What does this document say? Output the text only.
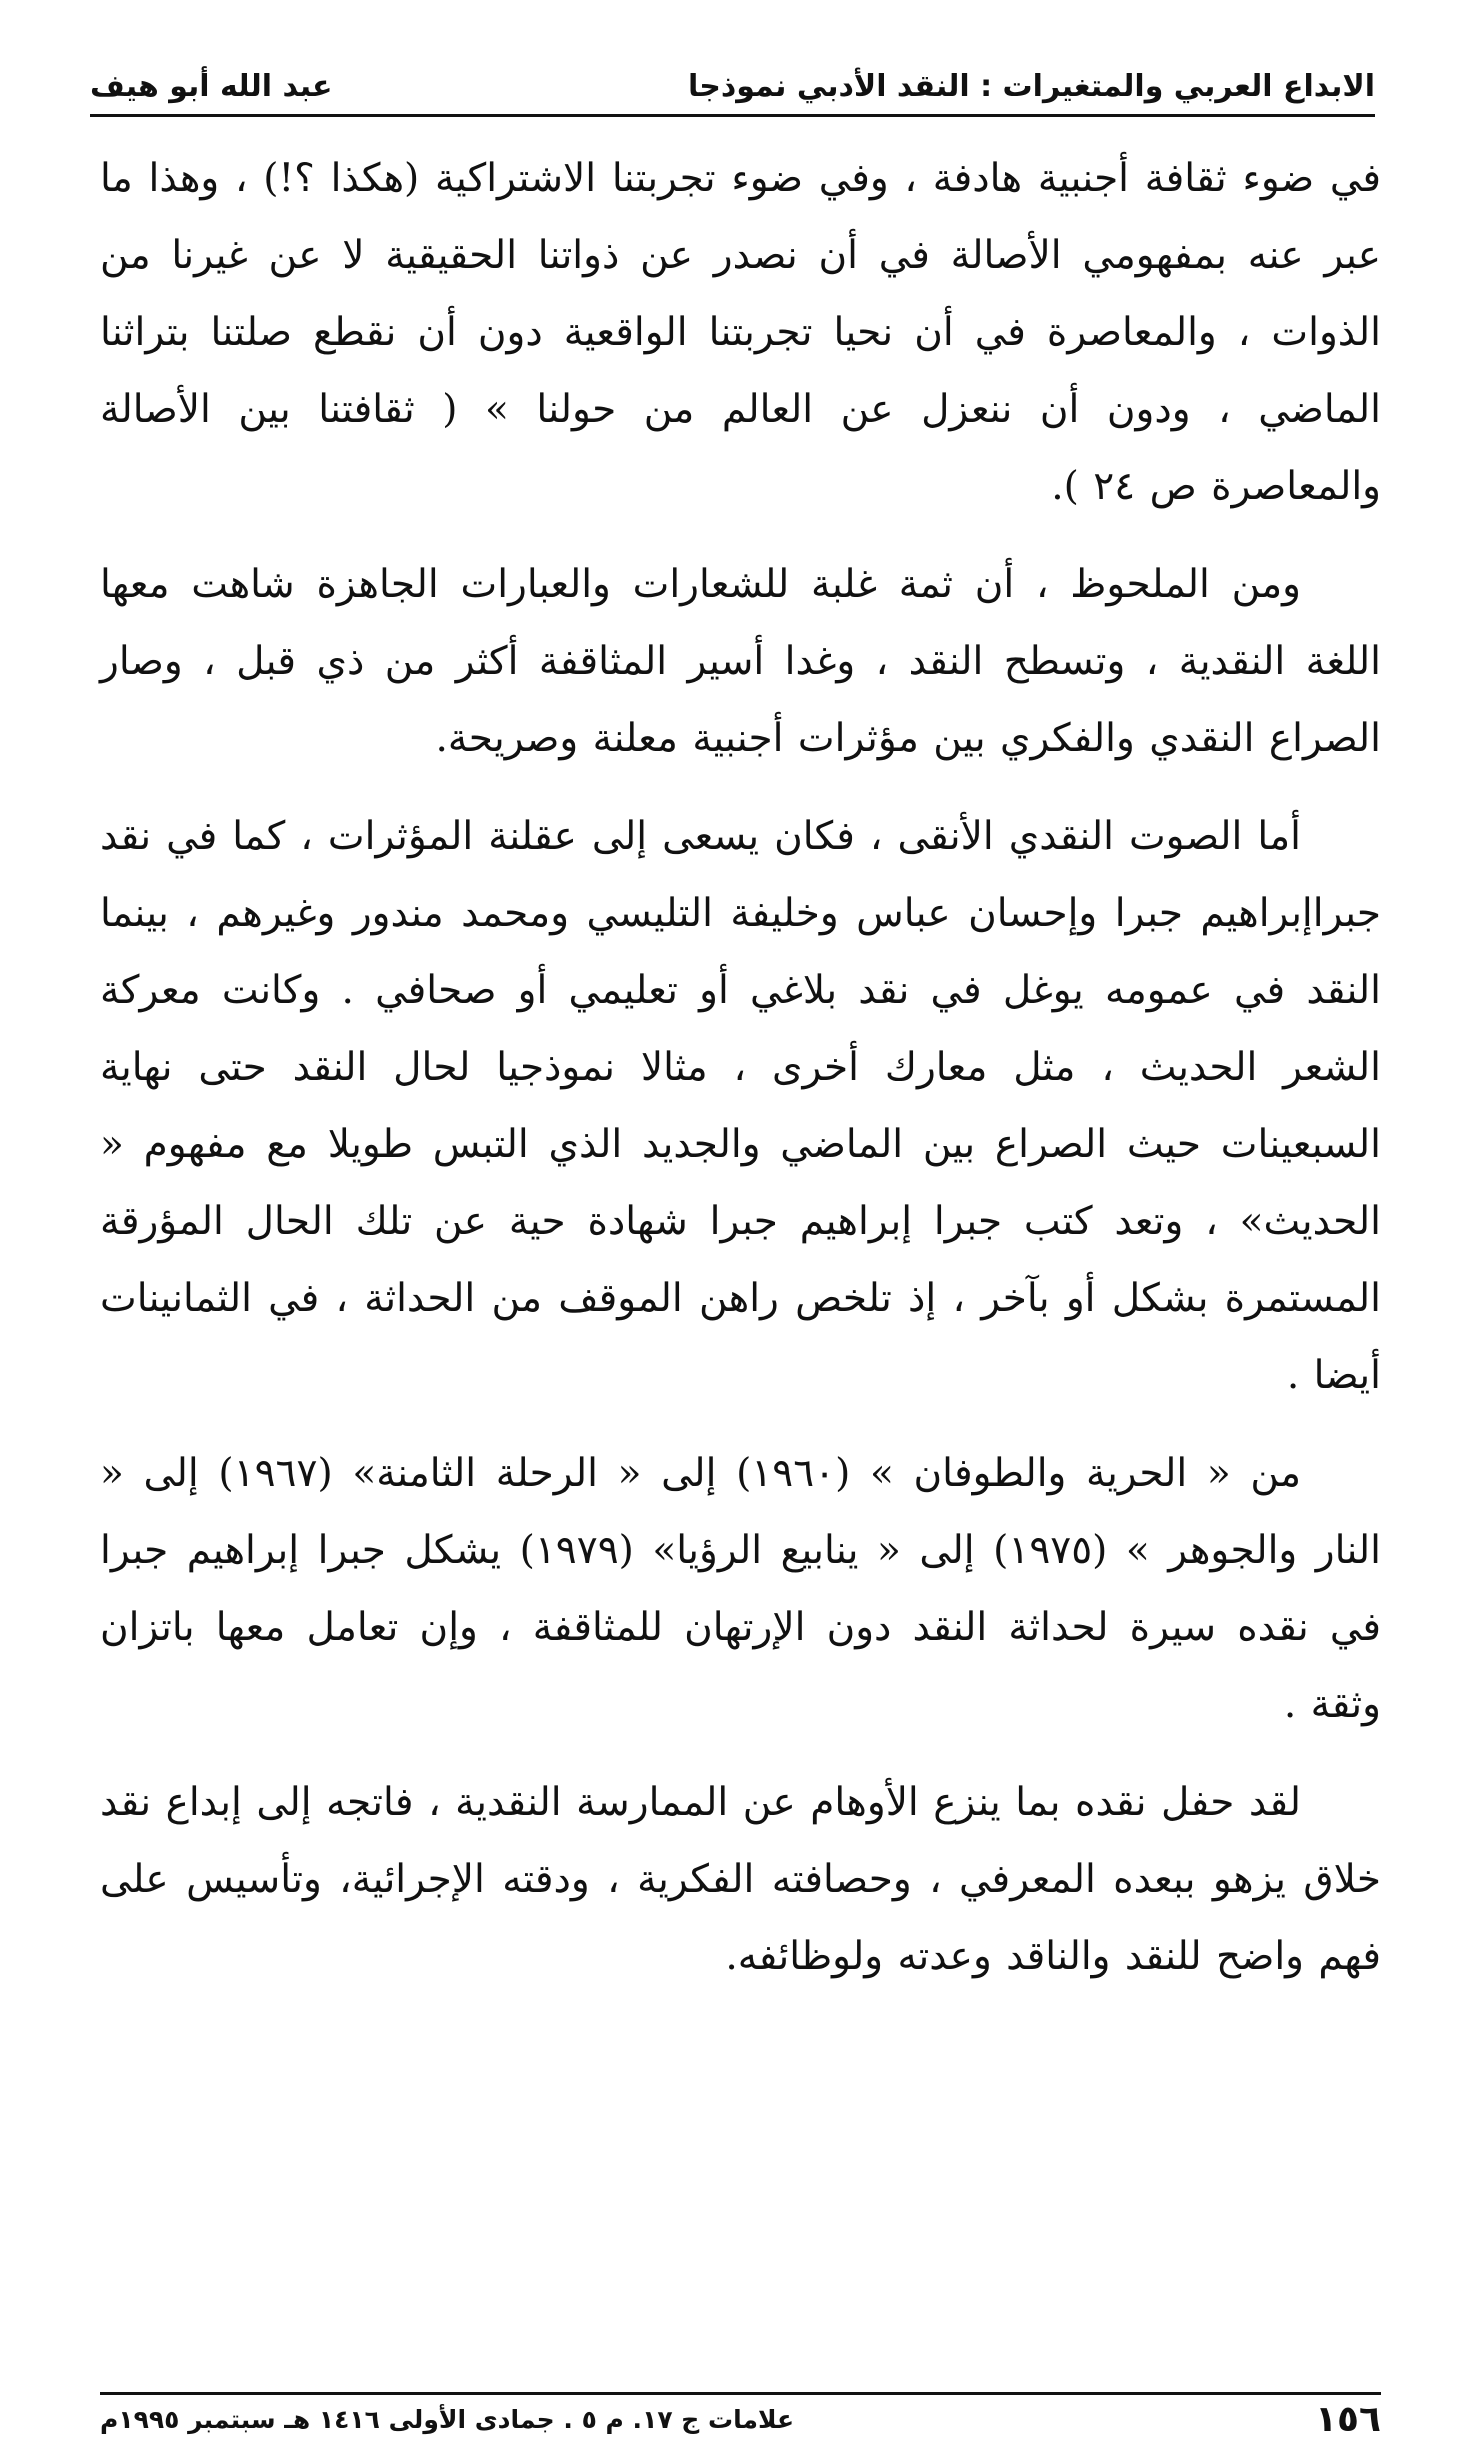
الابداع العربي والمتغيرات : النقد الأدبي نموذجا
عبد الله أبو هيف

في ضوء ثقافة أجنبية هادفة ، وفي ضوء تجربتنا الاشتراكية (هكذا ؟!) ، وهذا ما عبر عنه بمفهومي الأصالة في أن نصدر عن ذواتنا الحقيقية لا عن غيرنا من الذوات ، والمعاصرة في أن نحيا تجربتنا الواقعية دون أن نقطع صلتنا بتراثنا الماضي ، ودون أن ننعزل عن العالم من حولنا » ( ثقافتنا بين الأصالة والمعاصرة ص ٢٤ ).

ومن الملحوظ ، أن ثمة غلبة للشعارات والعبارات الجاهزة شاهت معها اللغة النقدية ، وتسطح النقد ، وغدا أسير المثاقفة أكثر من ذي قبل ، وصار الصراع النقدي والفكري بين مؤثرات أجنبية معلنة وصريحة.

أما الصوت النقدي الأنقى ، فكان يسعى إلى عقلنة المؤثرات ، كما في نقد جبراإبراهيم جبرا وإحسان عباس وخليفة التليسي ومحمد مندور وغيرهم ، بينما النقد في عمومه يوغل في نقد بلاغي أو تعليمي أو صحافي . وكانت معركة الشعر الحديث ، مثل معارك أخرى ، مثالا نموذجيا لحال النقد حتى نهاية السبعينات حيث الصراع بين الماضي والجديد الذي التبس طويلا مع مفهوم « الحديث» ، وتعد كتب جبرا إبراهيم جبرا شهادة حية عن تلك الحال المؤرقة المستمرة بشكل أو بآخر ، إذ تلخص راهن الموقف من الحداثة ، في الثمانينات أيضا .

من « الحرية والطوفان » (١٩٦٠) إلى « الرحلة الثامنة» (١٩٦٧) إلى « النار والجوهر » (١٩٧٥) إلى « ينابيع الرؤيا» (١٩٧٩) يشكل جبرا إبراهيم جبرا في نقده سيرة لحداثة النقد دون الإرتهان للمثاقفة ، وإن تعامل معها باتزان وثقة .

لقد حفل نقده بما ينزع الأوهام عن الممارسة النقدية ، فاتجه إلى إبداع نقد خلاق يزهو ببعده المعرفي ، وحصافته الفكرية ، ودقته الإجرائية، وتأسيس على فهم واضح للنقد والناقد وعدته ولوظائفه.

١٥٦
علامات ج ١٧. م ٥ . جمادى الأولى ١٤١٦ هـ سبتمبر ١٩٩٥م
